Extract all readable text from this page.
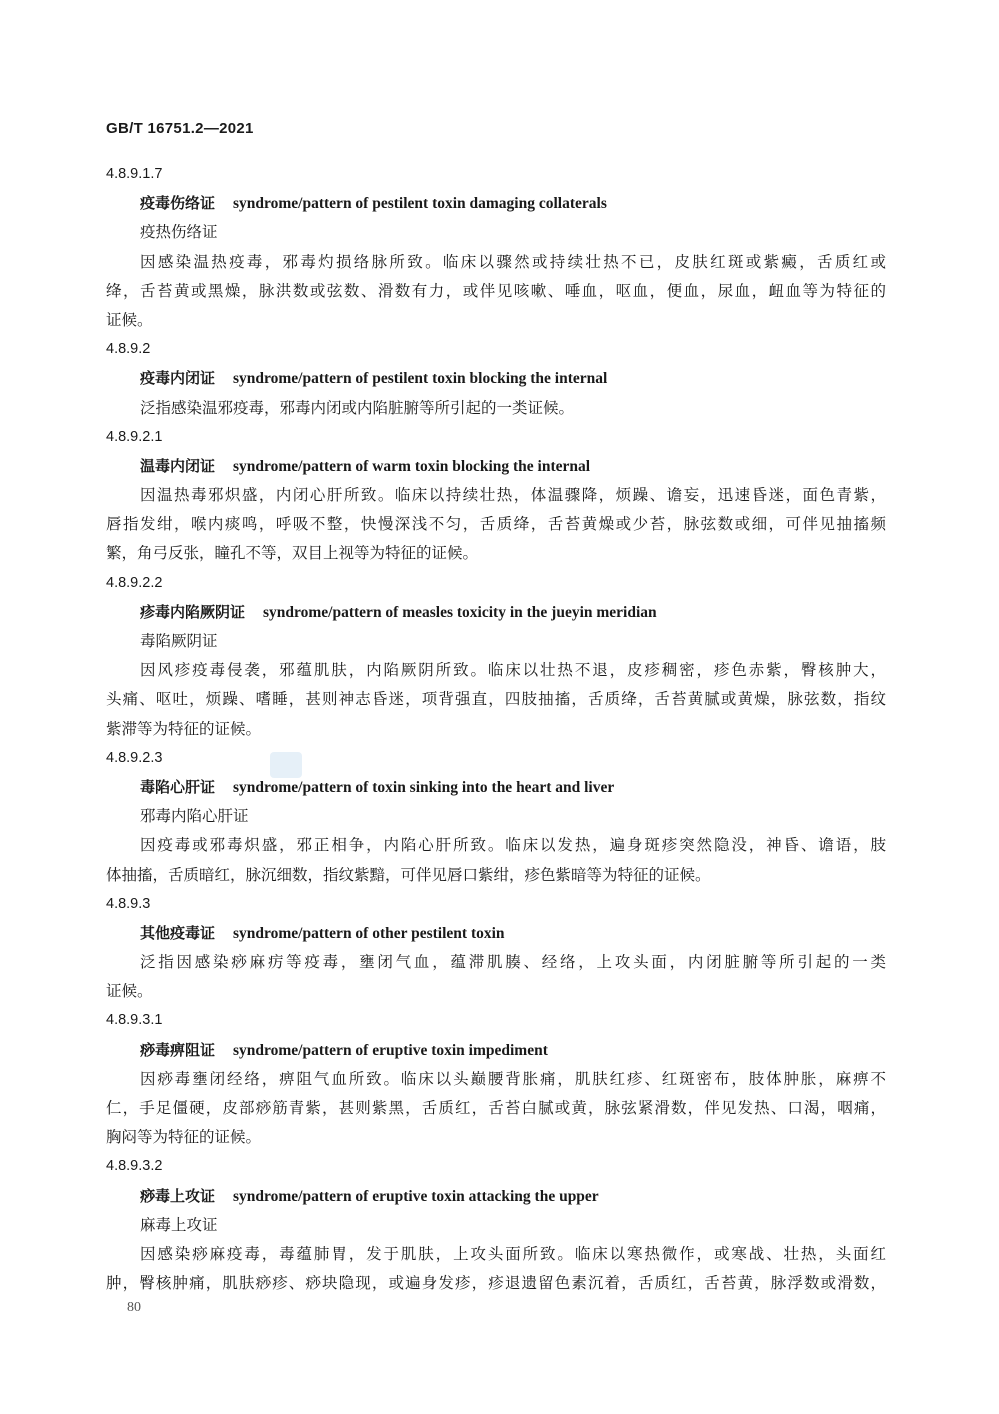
GB/T 16751.2—2021
4.8.9.1.7
疫毒伤络证 syndrome/pattern of pestilent toxin damaging collaterals
疫热伤络证
因感染温热疫毒，邪毒灼损络脉所致。临床以骤然或持续壮热不已，皮肤红斑或紫癜，舌质红或
绛，舌苔黄或黑燥，脉洪数或弦数、滑数有力，或伴见咳嗽、唾血，呕血，便血，尿血，衄血等为特征的
证候。
4.8.9.2
疫毒内闭证 syndrome/pattern of pestilent toxin blocking the internal
泛指感染温邪疫毒，邪毒内闭或内陷脏腑等所引起的一类证候。
4.8.9.2.1
温毒内闭证 syndrome/pattern of warm toxin blocking the internal
因温热毒邪炽盛，内闭心肝所致。临床以持续壮热，体温骤降，烦躁、谵妄，迅速昏迷，面色青紫，
唇指发绀，喉内痰鸣，呼吸不整，快慢深浅不匀，舌质绛，舌苔黄燥或少苔，脉弦数或细，可伴见抽搐频
繁，角弓反张，瞳孔不等，双目上视等为特征的证候。
4.8.9.2.2
疹毒内陷厥阴证 syndrome/pattern of measles toxicity in the jueyin meridian
毒陷厥阴证
因风疹疫毒侵袭，邪蕴肌肤，内陷厥阴所致。临床以壮热不退，皮疹稠密，疹色赤紫，臀核肿大，
头痛、呕吐，烦躁、嗜睡，甚则神志昏迷，项背强直，四肢抽搐，舌质绛，舌苔黄腻或黄燥，脉弦数，指纹
紫滞等为特征的证候。
4.8.9.2.3
毒陷心肝证 syndrome/pattern of toxin sinking into the heart and liver
邪毒内陷心肝证
因疫毒或邪毒炽盛，邪正相争，内陷心肝所致。临床以发热，遍身斑疹突然隐没，神昏、谵语，肢
体抽搐，舌质暗红，脉沉细数，指纹紫黯，可伴见唇口紫绀，疹色紫暗等为特征的证候。
4.8.9.3
其他疫毒证 syndrome/pattern of other pestilent toxin
泛指因感染痧麻疠等疫毒，壅闭气血，蕴滞肌腠、经络，上攻头面，内闭脏腑等所引起的一类
证候。
4.8.9.3.1
痧毒痹阻证 syndrome/pattern of eruptive toxin impediment
因痧毒壅闭经络，痹阻气血所致。临床以头巅腰背胀痛，肌肤红疹、红斑密布，肢体肿胀，麻痹不
仁，手足僵硬，皮部痧筋青紫，甚则紫黑，舌质红，舌苔白腻或黄，脉弦紧滑数，伴见发热、口渴，咽痛，
胸闷等为特征的证候。
4.8.9.3.2
痧毒上攻证 syndrome/pattern of eruptive toxin attacking the upper
麻毒上攻证
因感染痧麻疫毒，毒蕴肺胃，发于肌肤，上攻头面所致。临床以寒热微作，或寒战、壮热，头面红
肿，臀核肿痛，肌肤痧疹、痧块隐现，或遍身发疹，疹退遗留色素沉着，舌质红，舌苔黄，脉浮数或滑数，
80
